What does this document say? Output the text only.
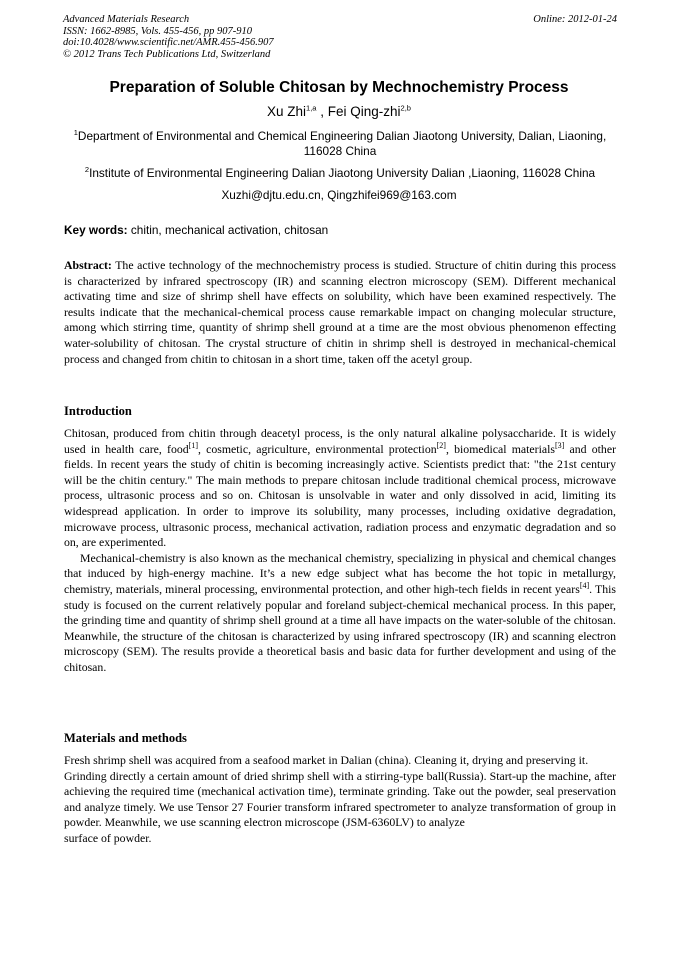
Advanced Materials Research
ISSN: 1662-8985, Vols. 455-456, pp 907-910
doi:10.4028/www.scientific.net/AMR.455-456.907
© 2012 Trans Tech Publications Ltd, Switzerland
Online: 2012-01-24
Preparation of Soluble Chitosan by Mechnochemistry Process
Xu Zhi$^{1,a}$ , Fei Qing-zhi$^{2,b}$
$^1$Department of Environmental and Chemical Engineering Dalian Jiaotong University, Dalian, Liaoning, 116028 China
$^2$Institute of Environmental Engineering Dalian Jiaotong University Dalian ,Liaoning, 116028 China
Xuzhi@djtu.edu.cn, Qingzhifei969@163.com
Key words: chitin, mechanical activation, chitosan

Abstract: The active technology of the mechnochemistry process is studied. Structure of chitin during this process is characterized by infrared spectroscopy (IR) and scanning electron microscopy (SEM). Different mechanical activating time and size of shrimp shell have effects on solubility, which have been examined respectively. The results indicate that the mechanical-chemical process cause remarkable impact on changing molecular structure, among which stirring time, quantity of shrimp shell ground at a time are the most obvious phenomenon effecting water-solubility of chitosan. The crystal structure of chitin in shrimp shell is destroyed in mechanical-chemical process and changed from chitin to chitosan in a short time, taken off the acetyl group.

Introduction

Chitosan, produced from chitin through deacetyl process, is the only natural alkaline polysaccharide. It is widely used in health care, food[1], cosmetic, agriculture, environmental protection[2], biomedical materials[3] and other fields. In recent years the study of chitin is becoming increasingly active. Scientists predict that: "the 21st century will be the chitin century." The main methods to prepare chitosan include traditional chemical process, microwave process, ultrasonic process and so on. Chitosan is unsolvable in water and only dissolved in acid, limiting its widespread application. In order to improve its solubility, many processes, including oxidative degradation, microwave process, ultrasonic process, mechanical activation, radiation process and enzymatic degradation and so on, are experimented.

Mechanical-chemistry is also known as the mechanical chemistry, specializing in physical and chemical changes that induced by high-energy machine. It’s a new edge subject what has become the hot topic in metallurgy, chemistry, materials, mineral processing, environmental protection, and other high-tech fields in recent years[4]. This study is focused on the current relatively popular and foreland subject-chemical mechanical process. In this paper, the grinding time and quantity of shrimp shell ground at a time all have impacts on the water-soluble of the chitosan. Meanwhile, the structure of the chitosan is characterized by using infrared spectroscopy (IR) and scanning electron microscopy (SEM). The results provide a theoretical basis and basic data for further development and using of the chitosan.

Materials and methods

Fresh shrimp shell was acquired from a seafood market in Dalian (china). Cleaning it, drying and preserving it.

Grinding directly a certain amount of dried shrimp shell with a stirring-type ball(Russia). Start-up the machine, after achieving the required time (mechanical activation time), terminate grinding. Take out the powder, seal preservation and analyze timely. We use Tensor 27 Fourier transform infrared spectrometer to analyze transformation of group in powder. Meanwhile, we use scanning electron microscope (JSM-6360LV) to analyze

surface of powder.
